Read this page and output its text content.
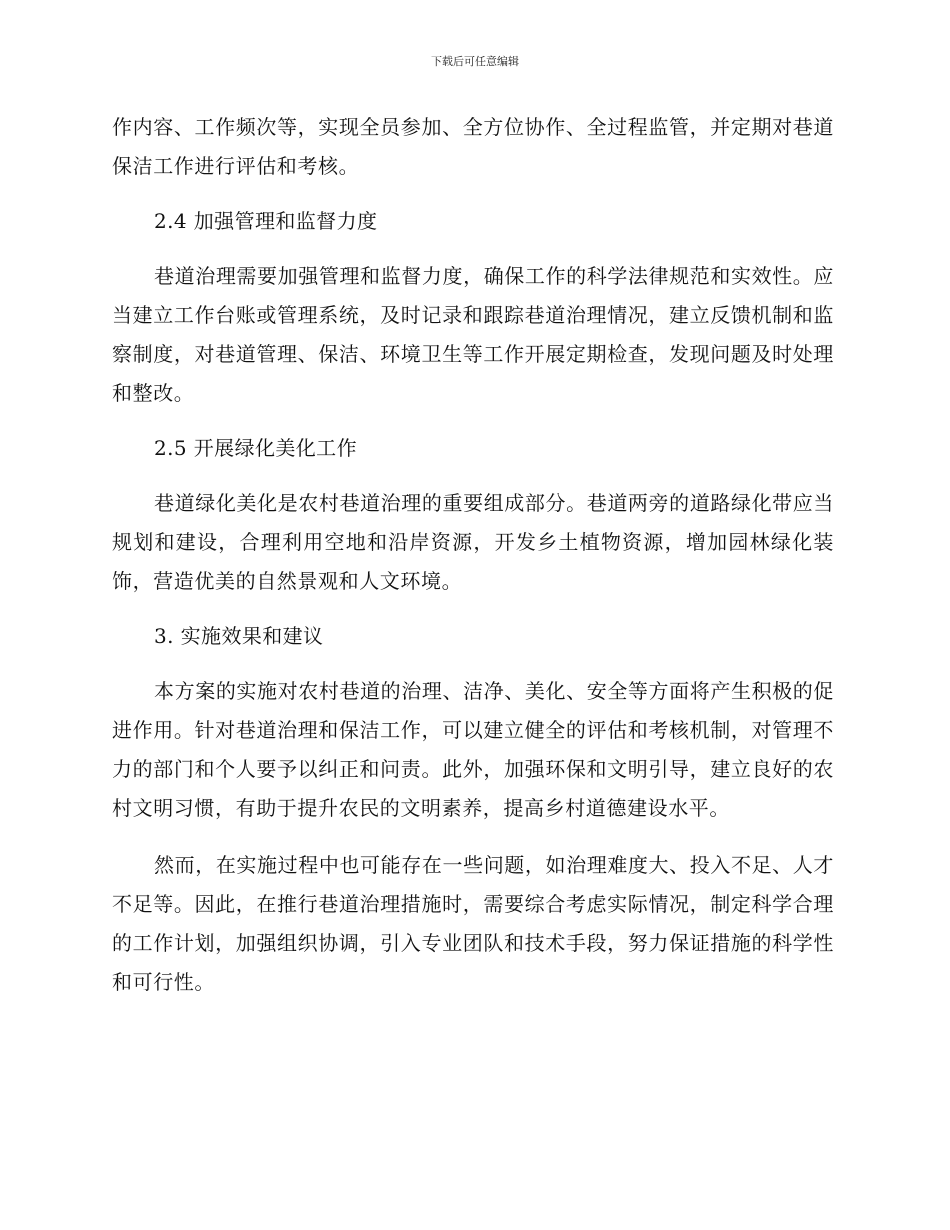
下载后可任意编辑

作内容、工作频次等，实现全员参加、全方位协作、全过程监管，并定期对巷道保洁工作进行评估和考核。

2.4 加强管理和监督力度

巷道治理需要加强管理和监督力度，确保工作的科学法律规范和实效性。应当建立工作台账或管理系统，及时记录和跟踪巷道治理情况，建立反馈机制和监察制度，对巷道管理、保洁、环境卫生等工作开展定期检查，发现问题及时处理和整改。

2.5 开展绿化美化工作

巷道绿化美化是农村巷道治理的重要组成部分。巷道两旁的道路绿化带应当规划和建设，合理利用空地和沿岸资源，开发乡土植物资源，增加园林绿化装饰，营造优美的自然景观和人文环境。

3. 实施效果和建议

本方案的实施对农村巷道的治理、洁净、美化、安全等方面将产生积极的促进作用。针对巷道治理和保洁工作，可以建立健全的评估和考核机制，对管理不力的部门和个人要予以纠正和问责。此外，加强环保和文明引导，建立良好的农村文明习惯，有助于提升农民的文明素养，提高乡村道德建设水平。

然而，在实施过程中也可能存在一些问题，如治理难度大、投入不足、人才不足等。因此，在推行巷道治理措施时，需要综合考虑实际情况，制定科学合理的工作计划，加强组织协调，引入专业团队和技术手段，努力保证措施的科学性和可行性。
